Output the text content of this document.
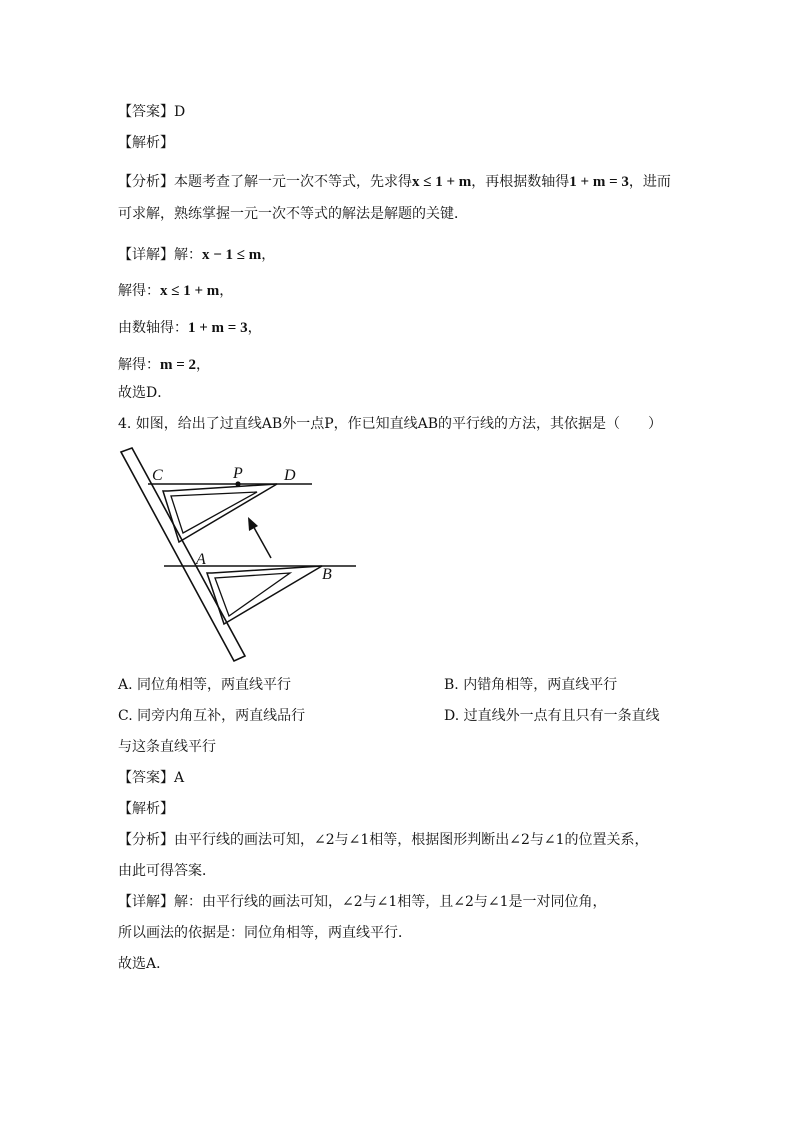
【答案】D
【解析】
【分析】本题考查了解一元一次不等式，先求得x ≤ 1 + m，再根据数轴得1 + m = 3，进而
可求解，熟练掌握一元一次不等式的解法是解题的关键．
【详解】解：x − 1 ≤ m，
解得：x ≤ 1 + m，
由数轴得：1 + m = 3，
解得：m = 2，
故选D．
4. 如图，给出了过直线AB外一点P，作已知直线AB的平行线的方法，其依据是（　　）
C	P	D
A
B
A. 同位角相等，两直线平行	B. 内错角相等，两直线平行
C. 同旁内角互补，两直线品行	D. 过直线外一点有且只有一条直线
与这条直线平行
【答案】A
【解析】
【分析】由平行线的画法可知，∠2与∠1相等，根据图形判断出∠2与∠1的位置关系，
由此可得答案．
【详解】解：由平行线的画法可知，∠2与∠1相等，且∠2与∠1是一对同位角，
所以画法的依据是：同位角相等，两直线平行．
故选A．
